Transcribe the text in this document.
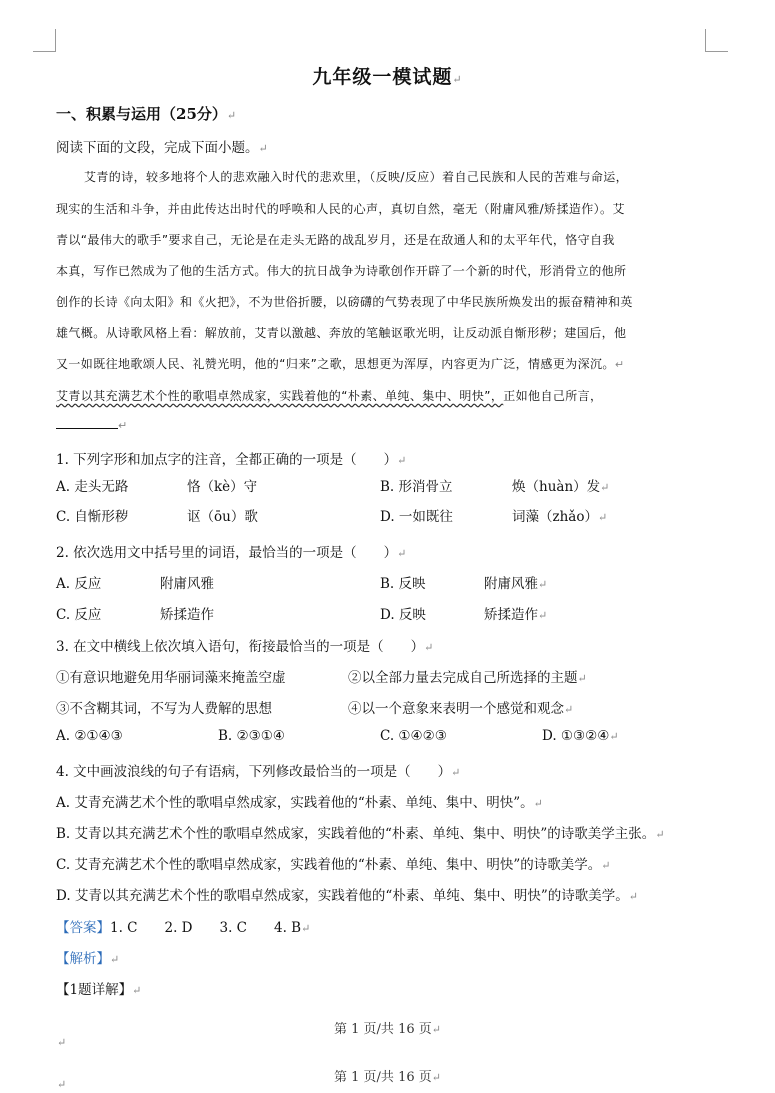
九年级一模试题↵
一、积累与运用（25分）↵
阅读下面的文段，完成下面小题。↵
艾青的诗，较多地将个人的悲欢融入时代的悲欢里，（反映/反应）着自己民族和人民的苦难与命运，
现实的生活和斗争，并由此传达出时代的呼唤和人民的心声，真切自然，毫无（附庸风雅/矫揉造作）。艾
青以“最伟大的歌手”要求自己，无论是在走头无路的战乱岁月，还是在敌通人和的太平年代，恪守自我
本真，写作已然成为了他的生活方式。伟大的抗日战争为诗歌创作开辟了一个新的时代，形消骨立的他所
创作的长诗《向太阳》和《火把》，不为世俗折腰，以磅礴的气势表现了中华民族所焕发出的振奋精神和英
雄气概。从诗歌风格上看：解放前，艾青以激越、奔放的笔触讴歌光明，让反动派自惭形秽；建国后，他
又一如既往地歌颂人民、礼赞光明，他的“归来”之歌，思想更为浑厚，内容更为广泛，情感更为深沉。↵
艾青以其充满艺术个性的歌唱卓然成家，实践着他的“朴素、单纯、集中、明快”，正如他自己所言，
↵
1. 下列字形和加点字的注音，全都正确的一项是（　　）↵
A. 走头无路	恪（kè）守	B. 形消骨立	焕（huàn）发↵
C. 自惭形秽	讴（ōu）歌	D. 一如既往	词藻（zhǎo）↵
2. 依次选用文中括号里的词语，最恰当的一项是（　　）↵
A. 反应	附庸风雅	B. 反映	附庸风雅↵
C. 反应	矫揉造作	D. 反映	矫揉造作↵
3. 在文中横线上依次填入语句，衔接最恰当的一项是（　　）↵
①有意识地避免用华丽词藻来掩盖空虚	②以全部力量去完成自己所选择的主题↵
③不含糊其词，不写为人费解的思想	④以一个意象来表明一个感觉和观念↵
A. ②①④③	B. ②③①④	C. ①④②③	D. ①③②④↵
4. 文中画波浪线的句子有语病，下列修改最恰当的一项是（　　）↵
A. 艾青充满艺术个性的歌唱卓然成家，实践着他的“朴素、单纯、集中、明快”。↵
B. 艾青以其充满艺术个性的歌唱卓然成家，实践着他的“朴素、单纯、集中、明快”的诗歌美学主张。↵
C. 艾青充满艺术个性的歌唱卓然成家，实践着他的“朴素、单纯、集中、明快”的诗歌美学。↵
D. 艾青以其充满艺术个性的歌唱卓然成家，实践着他的“朴素、单纯、集中、明快”的诗歌美学。↵
【答案】1. C　　2. D　　3. C　　4. B↵
【解析】↵
【1题详解】↵
第 1 页/共 16 页↵
↵
第 1 页/共 16 页↵
↵
